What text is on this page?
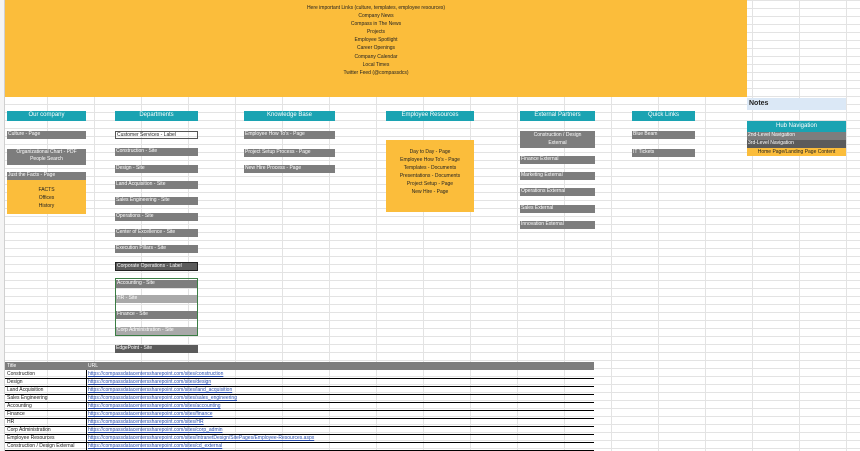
Here important Links (culture, templates, employee resources)
Company News
Compass in The News
Projects
Employee Spotlight
Career Openings
Company Calendar
Local Times
Twitter Feed (@compassdcs)
Notes
Our company	Departments	Knowledge Base	Employee Resources	External Partners	Quick Links
Culture - Page
Organizational Chart - PDF
People Search
Just the Facts - Page
FACTS
Offices
History
Customer Services - Label
Construction - Site
Design - Site
Land Acquisition - Site
Sales Engineering - Site
Operations - Site
Center of Excellence - Site
Execution Pillars - Site
Corporate Operations - Label
Accounting - Site
HR - Site
Finance - Site
Corp Administration - Site
EdgePoint - Site
Employee How To's - Page
Project Setup Process - Page
New Hire Process - Page
Day to Day - Page
Employee How To's - Page
Templates - Documents
Presentations - Documents
Project Setup - Page
New Hire - Page
Construction / Design External
Finance External
Marketing External
Operations External
Sales External
Innovation External
Blue Beam
IT Tickets
Hub Navigation
2nd-Level Navigation
3rd-Level Navigation
Home Page/Landing Page Content
Title	URL
Construction	https://compassdatacenterssharepoint.com/sites/construction
Design	https://compassdatacenterssharepoint.com/sites/design
Land Acquisition	https://compassdatacenterssharepoint.com/sites/land_acquisition
Sales Engineering	https://compassdatacenterssharepoint.com/sites/sales_engineering
Accounting	https://compassdatacenterssharepoint.com/sites/accounting
Finance	https://compassdatacenterssharepoint.com/sites/finance
HR	https://compassdatacenterssharepoint.com/sites/HR
Corp Administration	https://compassdatacenterssharepoint.com/sites/corp_admin
Employee Resources	https://compassdatacenterssharepoint.com/sites/IntranetDesign/SitePages/Employee-Resources.aspx
Construction / Design External	https://compassdatacenterssharepoint.com/sites/cd_external
